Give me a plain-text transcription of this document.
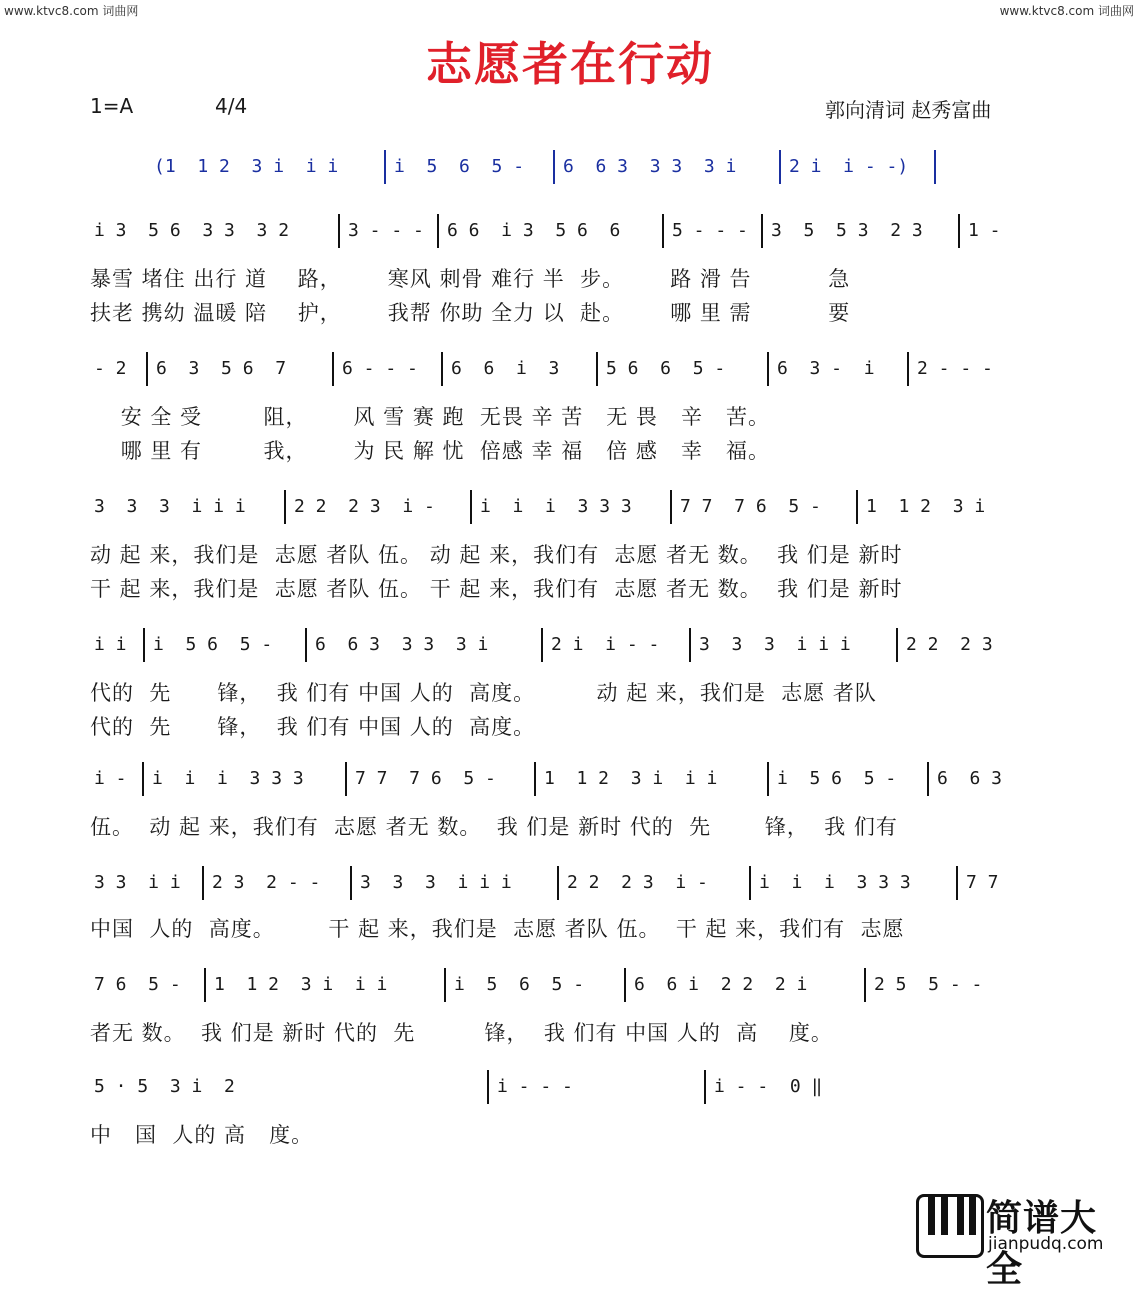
www.ktvc8.com 词曲网	www.ktvc8.com 词曲网
志愿者在行动
1=A	4/4	郭向清词 赵秀富曲
(1  1 2  3 i  i i	i  5  6  5 - 6  6 3  3 3  3 i	2 i  i - -)
i 3  5 6  3 3  3 2	3 - - - 6 6  i 3  5 6  6	5 - - - 3  5  5 3  2 3	1 -
- 2 6  3  5 6  7	6 - - - 6  6  i  3	5 6  6  5 -	6  3 -  i 2 - - -
3  3  3  i i i	2 2  2 3  i -	i  i  i  3 3 3	7 7  7 6  5 -	1  1 2  3 i
i i i  5 6  5 - 6  6 3  3 3  3 i	2 i  i - - 3  3  3  i i i	2 2  2 3
i - i  i  i  3 3 3	7 7  7 6  5 -	1  1 2  3 i  i i	i  5 6  5 - 6  6 3
3 3  i i 2 3  2 - - 3  3  3  i i i	2 2  2 3  i -	i  i  i  3 3 3	7 7
7 6  5 - 1  1 2  3 i  i i	i  5  6  5 -	6  6 i  2 2  2 i	2 5  5 - -
5 · 5  3 i  2	i - - -	i - -  0 ‖
暴雪 堵住 出行 道    路，      寒风 刺骨 难行 半  步。      路 滑 告          急
扶老 携幼 温暖 陪    护，      我帮 你助 全力 以  赴。      哪 里 需          要
安 全 受        阻，      风 雪 赛 跑  无畏 辛 苦   无 畏   辛   苦。
哪 里 有        我，      为 民 解 忧  倍感 幸 福   倍 感   幸   福。
动 起 来，我们是  志愿 者队 伍。 动 起 来，我们有  志愿 者无 数。  我 们是 新时
干 起 来，我们是  志愿 者队 伍。 干 起 来，我们有  志愿 者无 数。  我 们是 新时
代的  先      锋，  我 们有 中国 人的  高度。        动 起 来，我们是  志愿 者队
代的  先      锋，  我 们有 中国 人的  高度。
伍。  动 起 来，我们有  志愿 者无 数。  我 们是 新时 代的  先       锋，  我 们有
中国  人的  高度。       干 起 来，我们是  志愿 者队 伍。  干 起 来，我们有  志愿
者无 数。  我 们是 新时 代的  先         锋，  我 们有 中国 人的  高    度。
中   国  人的 高   度。
简谱大全
jianpudq.com
